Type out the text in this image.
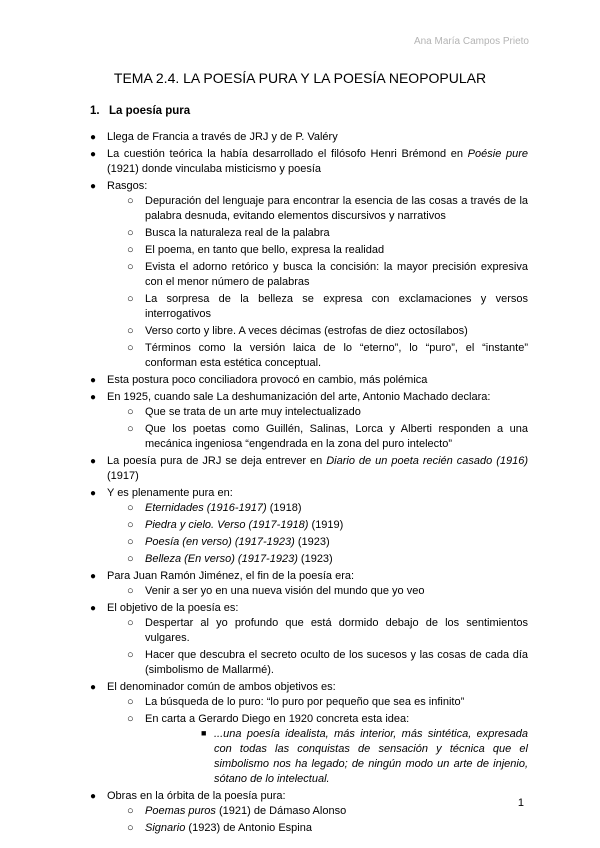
Ana María Campos Prieto
TEMA 2.4. LA POESÍA PURA Y LA POESÍA NEOPOPULAR
1. La poesía pura
● Llega de Francia a través de JRJ y de P. Valéry
● La cuestión teórica la había desarrollado el filósofo Henri Brémond en Poésie pure (1921) donde vinculaba misticismo y poesía
● Rasgos:
○ Depuración del lenguaje para encontrar la esencia de las cosas a través de la palabra desnuda, evitando elementos discursivos y narrativos
○ Busca la naturaleza real de la palabra
○ El poema, en tanto que bello, expresa la realidad
○ Evista el adorno retórico y busca la concisión: la mayor precisión expresiva con el menor número de palabras
○ La sorpresa de la belleza se expresa con exclamaciones y versos interrogativos
○ Verso corto y libre. A veces décimas (estrofas de diez octosílabos)
○ Términos como la versión laica de lo “eterno”, lo “puro”, el “instante” conforman esta estética conceptual.
● Esta postura poco conciliadora provocó en cambio, más polémica
● En 1925, cuando sale La deshumanización del arte, Antonio Machado declara:
○ Que se trata de un arte muy intelectualizado
○ Que los poetas como Guillén, Salinas, Lorca y Alberti responden a una mecánica ingeniosa “engendrada en la zona del puro intelecto”
● La poesía pura de JRJ se deja entrever en Diario de un poeta recién casado (1916) (1917)
● Y es plenamente pura en:
○ Eternidades (1916-1917) (1918)
○ Piedra y cielo. Verso (1917-1918) (1919)
○ Poesía (en verso) (1917-1923) (1923)
○ Belleza (En verso) (1917-1923) (1923)
● Para Juan Ramón Jiménez, el fin de la poesía era:
○ Venir a ser yo en una nueva visión del mundo que yo veo
● El objetivo de la poesía es:
○ Despertar al yo profundo que está dormido debajo de los sentimientos vulgares.
○ Hacer que descubra el secreto oculto de los sucesos y las cosas de cada día (simbolismo de Mallarmé).
● El denominador común de ambos objetivos es:
○ La búsqueda de lo puro: “lo puro por pequeño que sea es infinito”
○ En carta a Gerardo Diego en 1920 concreta esta idea:
■ ...una poesía idealista, más interior, más sintética, expresada con todas las conquistas de sensación y técnica que el simbolismo nos ha legado; de ningún modo un arte de injenio, sótano de lo intelectual.
● Obras en la órbita de la poesía pura:
○ Poemas puros (1921) de Dámaso Alonso
○ Signario (1923) de Antonio Espina
1
